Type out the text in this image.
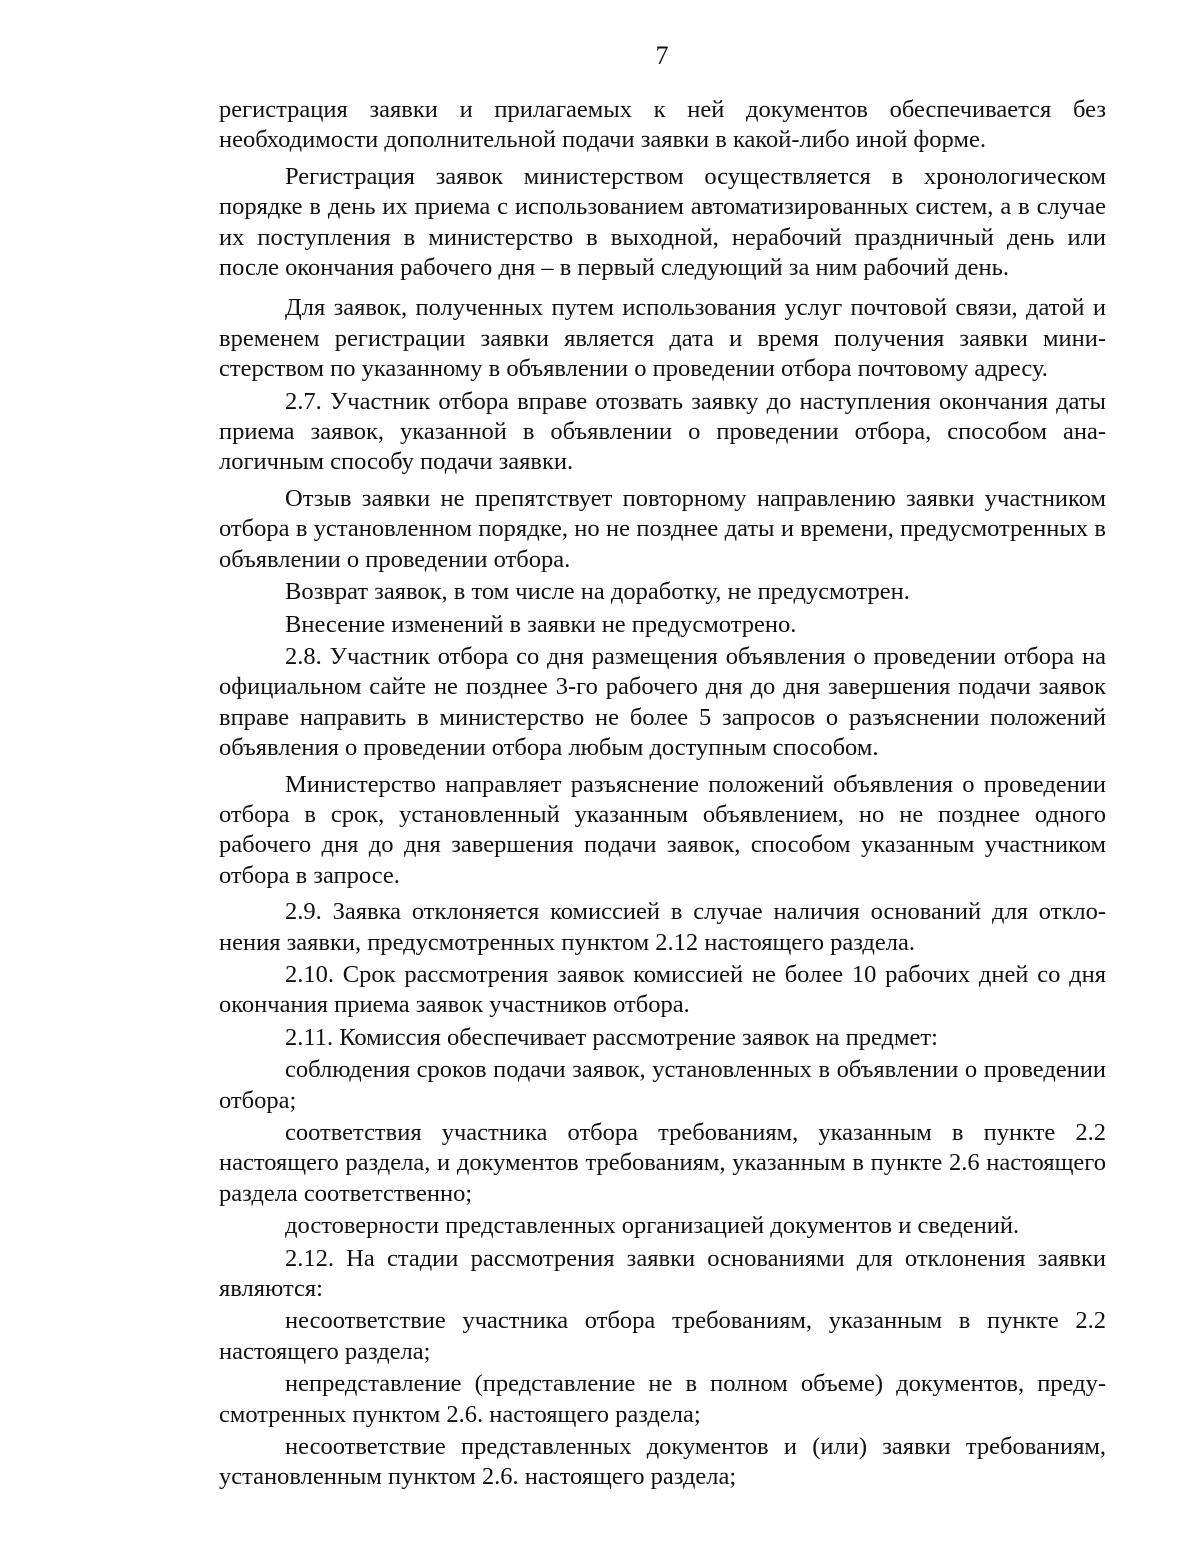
7

регистрация заявки и прилагаемых к ней документов обеспечивается без необходимости дополнительной подачи заявки в какой-либо иной форме.

Регистрация заявок министерством осуществляется в хронологическом порядке в день их приема с использованием автоматизированных систем, а в случае их поступления в министерство в выходной, нерабочий праздничный день или после окончания рабочего дня – в первый следующий за ним рабочий день.

Для заявок, полученных путем использования услуг почтовой связи, датой и временем регистрации заявки является дата и время получения заявки министерством по указанному в объявлении о проведении отбора почтовому адресу.

2.7. Участник отбора вправе отозвать заявку до наступления окончания даты приема заявок, указанной в объявлении о проведении отбора, способом аналогичным способу подачи заявки.

Отзыв заявки не препятствует повторному направлению заявки участником отбора в установленном порядке, но не позднее даты и времени, предусмотренных в объявлении о проведении отбора.

Возврат заявок, в том числе на доработку, не предусмотрен.

Внесение изменений в заявки не предусмотрено.

2.8. Участник отбора со дня размещения объявления о проведении отбора на официальном сайте не позднее 3-го рабочего дня до дня завершения подачи заявок вправе направить в министерство не более 5 запросов о разъяснении положений объявления о проведении отбора любым доступным способом.

Министерство направляет разъяснение положений объявления о проведении отбора в срок, установленный указанным объявлением, но не позднее одного рабочего дня до дня завершения подачи заявок, способом указанным участником отбора в запросе.

2.9. Заявка отклоняется комиссией в случае наличия оснований для отклонения заявки, предусмотренных пунктом 2.12 настоящего раздела.

2.10. Срок рассмотрения заявок комиссией не более 10 рабочих дней со дня окончания приема заявок участников отбора.

2.11. Комиссия обеспечивает рассмотрение заявок на предмет:

соблюдения сроков подачи заявок, установленных в объявлении о проведении отбора;

соответствия участника отбора требованиям, указанным в пункте 2.2 настоящего раздела, и документов требованиям, указанным в пункте 2.6 настоящего раздела соответственно;

достоверности представленных организацией документов и сведений.

2.12. На стадии рассмотрения заявки основаниями для отклонения заявки являются:

несоответствие участника отбора требованиям, указанным в пункте 2.2 настоящего раздела;

непредставление (представление не в полном объеме) документов, предусмотренных пунктом 2.6. настоящего раздела;

несоответствие представленных документов и (или) заявки требованиям, установленным пунктом 2.6. настоящего раздела;
